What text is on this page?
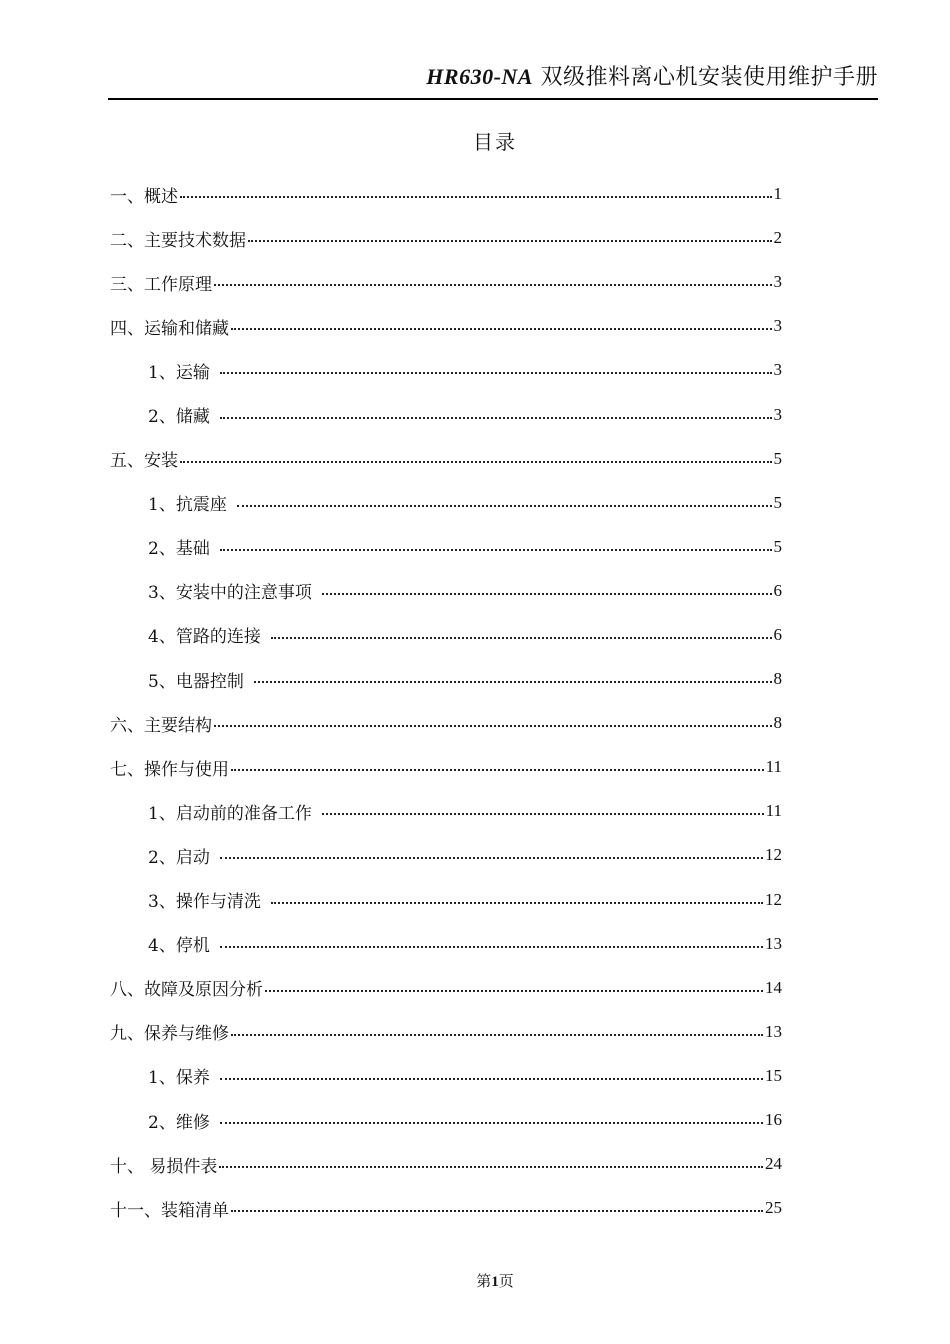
HR630-NA 双级推料离心机安装使用维护手册
目录
一、概述	1
二、主要技术数据	2
三、工作原理	3
四、运输和储藏	3
1、运输	3
2、储藏	3
五、安装	5
1、抗震座	5
2、基础	5
3、安装中的注意事项	6
4、管路的连接	6
5、电器控制	8
六、主要结构	8
七、操作与使用	11
1、启动前的准备工作	11
2、启动	12
3、操作与清洗	12
4、停机	13
八、故障及原因分析	14
九、保养与维修	13
1、保养	15
2、维修	16
十、 易损件表	24
十一、装箱清单	25
第1页
